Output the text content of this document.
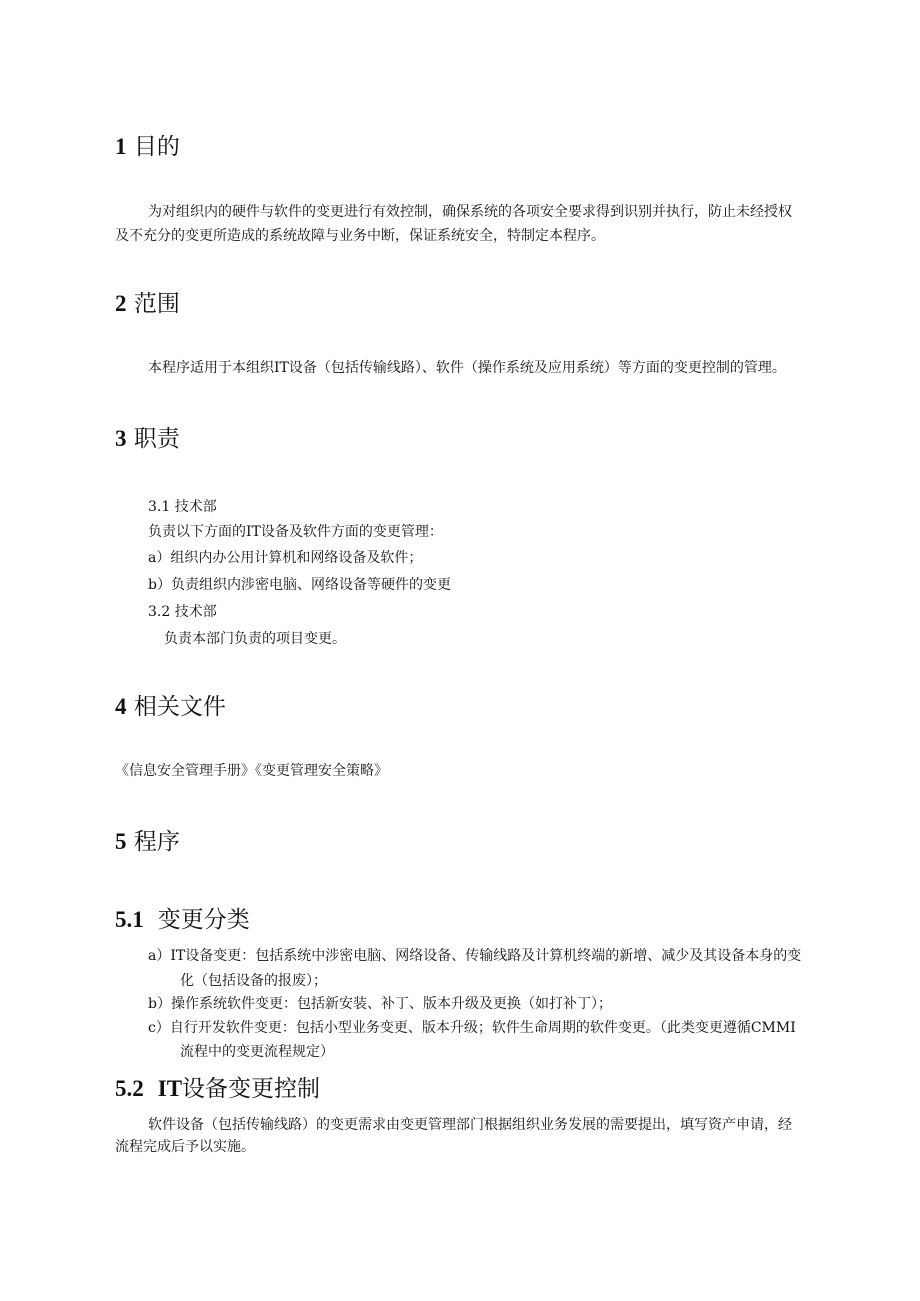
1 目的
为对组织内的硬件与软件的变更进行有效控制，确保系统的各项安全要求得到识别并执行，防止未经授权
及不充分的变更所造成的系统故障与业务中断，保证系统安全，特制定本程序。
2 范围
本程序适用于本组织IT设备（包括传输线路）、软件（操作系统及应用系统）等方面的变更控制的管理。
3 职责
3.1 技术部
负责以下方面的IT设备及软件方面的变更管理：
a）组织内办公用计算机和网络设备及软件；
b）负责组织内涉密电脑、网络设备等硬件的变更
3.2 技术部
负责本部门负责的项目变更。
4 相关文件
《信息安全管理手册》《变更管理安全策略》
5 程序
5.1 变更分类
a）IT设备变更：包括系统中涉密电脑、网络设备、传输线路及计算机终端的新增、减少及其设备本身的变
化（包括设备的报废）；
b）操作系统软件变更：包括新安装、补丁、版本升级及更换（如打补丁）；
c）自行开发软件变更：包括小型业务变更、版本升级；软件生命周期的软件变更。（此类变更遵循CMMI
流程中的变更流程规定）
5.2 IT设备变更控制
软件设备（包括传输线路）的变更需求由变更管理部门根据组织业务发展的需要提出，填写资产申请，经
流程完成后予以实施。
